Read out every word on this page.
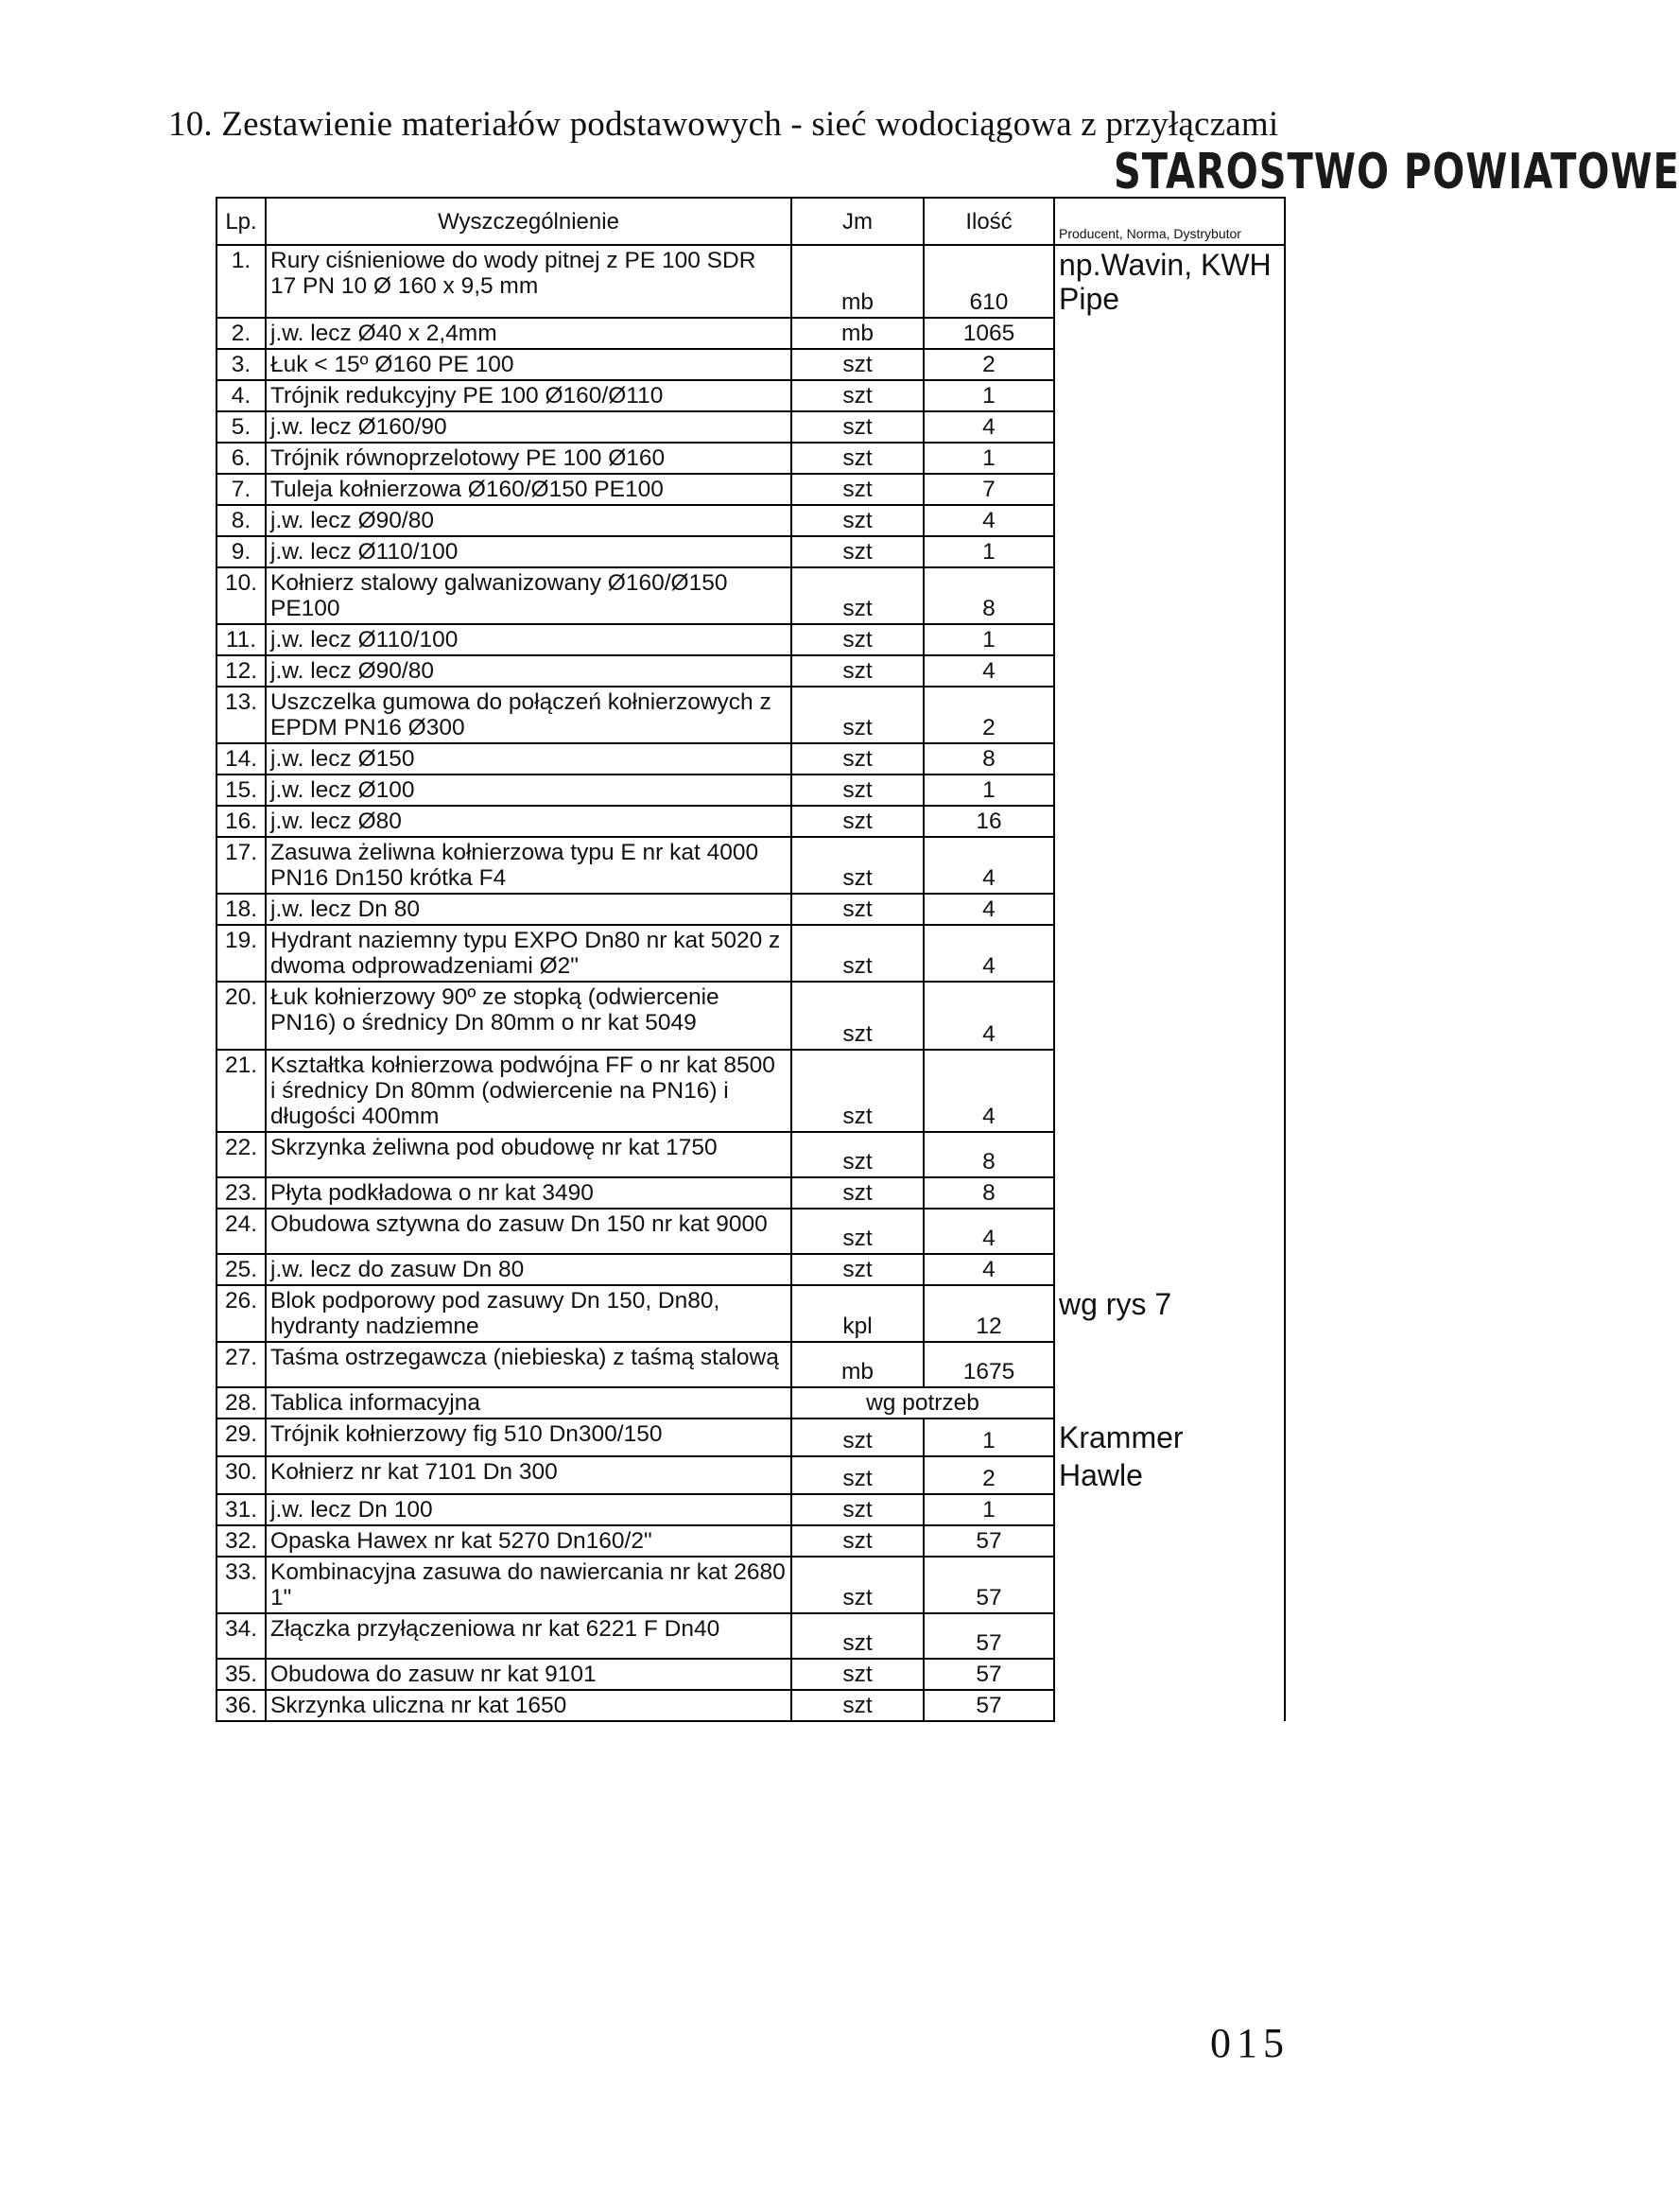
10. Zestawienie materiałów podstawowych - sieć wodociągowa z przyłączami
STAROSTWO POWIATOWE
Lp.	Wyszczególnienie	Jm	Ilość	Producent, Norma, Dystrybutor
1.	Rury ciśnieniowe do wody pitnej z PE 100 SDR 17 PN 10 Ø 160 x 9,5 mm	mb	610	np.Wavin, KWH Pipe
2.	j.w. lecz Ø40 x 2,4mm	mb	1065	
3.	Łuk < 15º Ø160 PE 100	szt	2	
4.	Trójnik redukcyjny PE 100 Ø160/Ø110	szt	1	
5.	j.w. lecz Ø160/90	szt	4	
6.	Trójnik równoprzelotowy PE 100 Ø160	szt	1	
7.	Tuleja kołnierzowa Ø160/Ø150 PE100	szt	7	
8.	j.w. lecz Ø90/80	szt	4	
9.	j.w. lecz Ø110/100	szt	1	
10.	Kołnierz stalowy galwanizowany Ø160/Ø150 PE100	szt	8	
11.	j.w. lecz Ø110/100	szt	1	
12.	j.w. lecz Ø90/80	szt	4	
13.	Uszczelka gumowa do połączeń kołnierzowych z EPDM PN16 Ø300	szt	2	
14.	j.w. lecz Ø150	szt	8	
15.	j.w. lecz Ø100	szt	1	
16.	j.w. lecz Ø80	szt	16	
17.	Zasuwa żeliwna kołnierzowa typu E nr kat 4000 PN16 Dn150 krótka F4	szt	4	
18.	j.w. lecz Dn 80	szt	4	
19.	Hydrant naziemny typu EXPO Dn80 nr kat 5020 z dwoma odprowadzeniami Ø2"	szt	4	
20.	Łuk kołnierzowy 90º ze stopką (odwiercenie PN16) o średnicy Dn 80mm o nr kat 5049	szt	4	
21.	Kształtka kołnierzowa podwójna FF o nr kat 8500 i średnicy Dn 80mm (odwiercenie na PN16) i długości 400mm	szt	4	
22.	Skrzynka żeliwna pod obudowę nr kat 1750	szt	8	
23.	Płyta podkładowa o nr kat 3490	szt	8	
24.	Obudowa sztywna do zasuw Dn 150 nr kat 9000	szt	4	
25.	j.w. lecz do zasuw Dn 80	szt	4	
26.	Blok podporowy pod zasuwy Dn 150, Dn80, hydranty nadziemne	kpl	12	wg rys 7
27.	Taśma ostrzegawcza (niebieska) z taśmą stalową	mb	1675	
28.	Tablica informacyjna	wg potrzeb		
29.	Trójnik kołnierzowy fig 510 Dn300/150	szt	1	Krammer
30.	Kołnierz nr kat 7101 Dn 300	szt	2	Hawle
31.	j.w. lecz Dn 100	szt	1	
32.	Opaska Hawex nr kat 5270 Dn160/2"	szt	57	
33.	Kombinacyjna zasuwa do nawiercania nr kat 2680 1"	szt	57	
34.	Złączka przyłączeniowa nr kat 6221 F Dn40	szt	57	
35.	Obudowa do zasuw nr kat 9101	szt	57	
36.	Skrzynka uliczna nr kat 1650	szt	57	
015
